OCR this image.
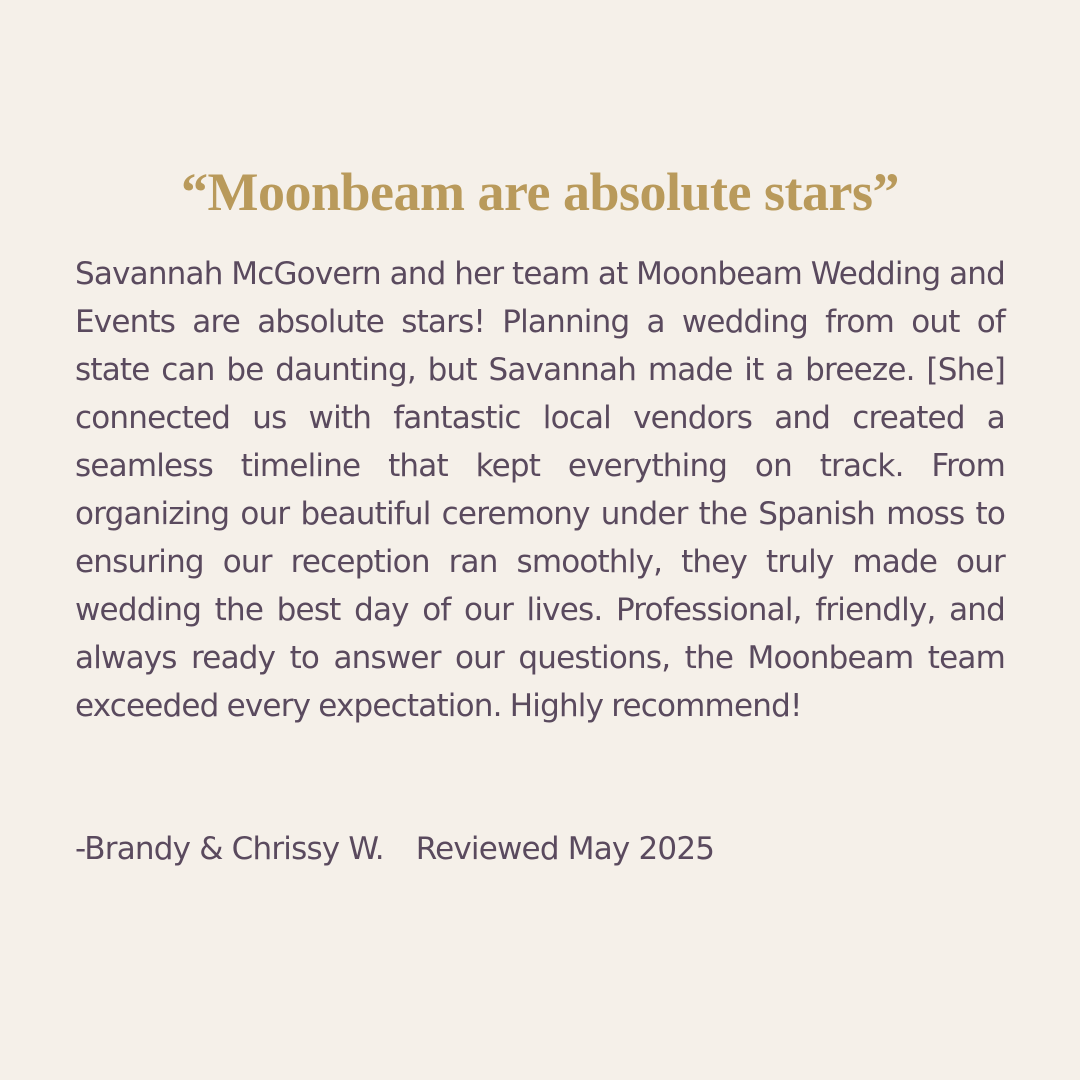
“Moonbeam are absolute stars”

Savannah McGovern and her team at Moonbeam Wedding and Events are absolute stars! Planning a wedding from out of state can be daunting, but Savannah made it a breeze. [She] connected us with fantastic local vendors and created a seamless timeline that kept everything on track. From organizing our beautiful ceremony under the Spanish moss to ensuring our reception ran smoothly, they truly made our wedding the best day of our lives. Professional, friendly, and always ready to answer our questions, the Moonbeam team exceeded every expectation. Highly recommend!

-Brandy & Chrissy W. Reviewed May 2025
